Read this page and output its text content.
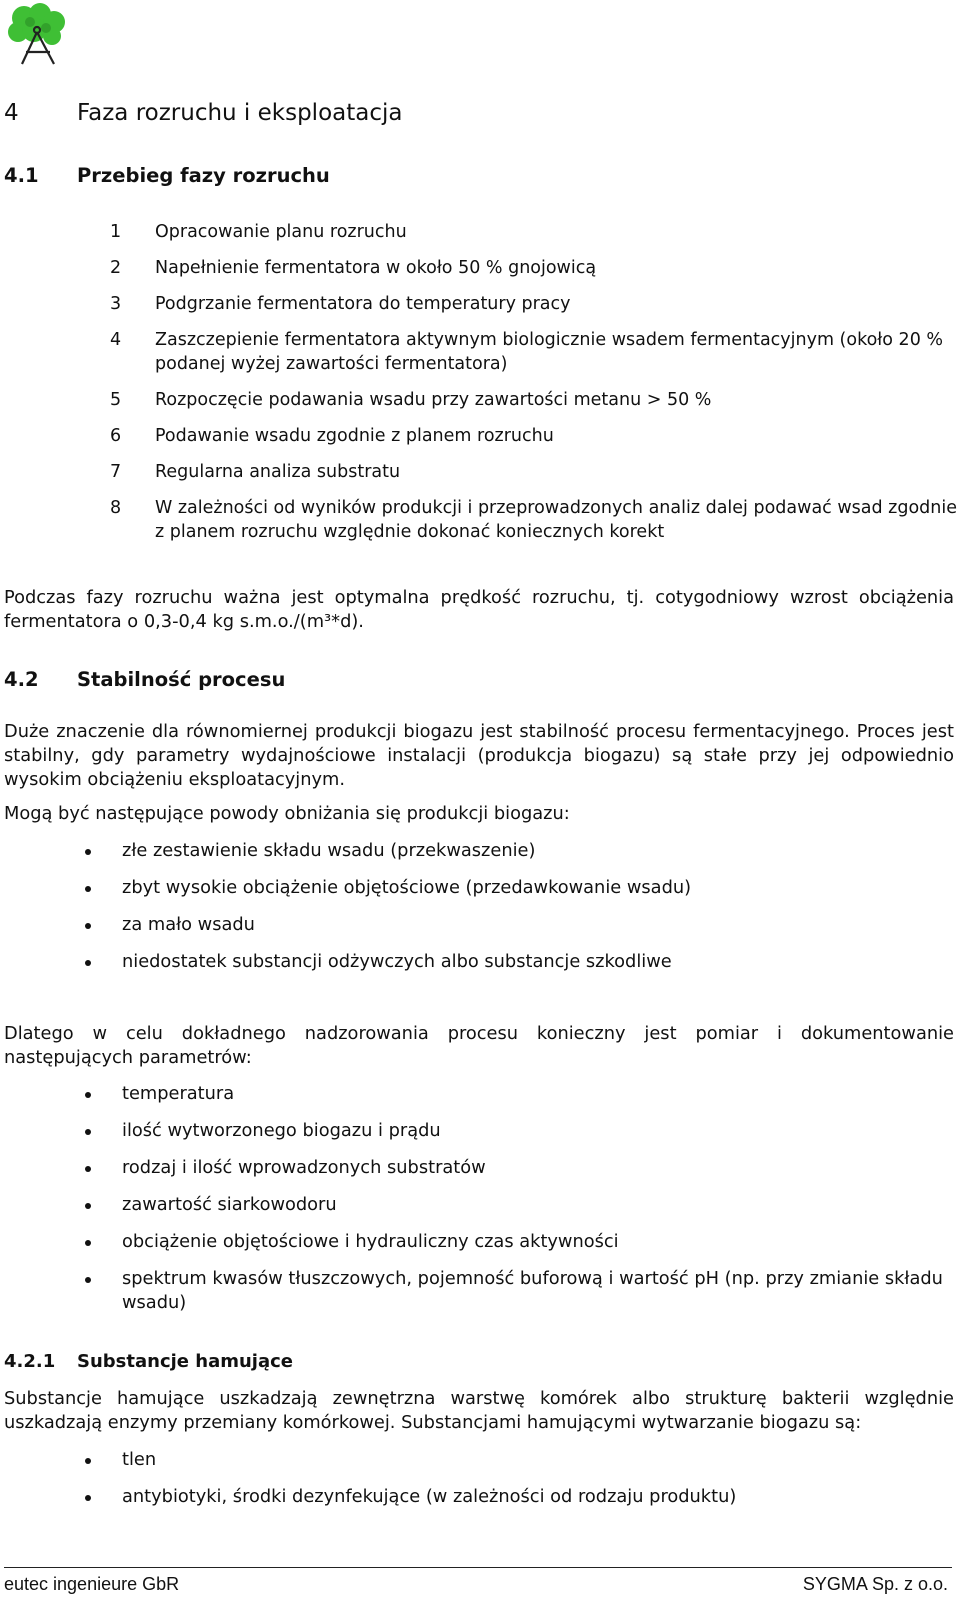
4	Faza rozruchu i eksploatacja
4.1 Przebieg fazy rozruchu
1 Opracowanie planu rozruchu
2 Napełnienie fermentatora w około 50 % gnojowicą
3 Podgrzanie fermentatora do temperatury pracy
4 Zaszczepienie fermentatora aktywnym biologicznie wsadem fermentacyjnym (około 20 % podanej wyżej zawartości fermentatora)
5 Rozpoczęcie podawania wsadu przy zawartości metanu > 50 %
6 Podawanie wsadu zgodnie z planem rozruchu
7 Regularna analiza substratu
8 W zależności od wyników produkcji i przeprowadzonych analiz dalej podawać wsad zgodnie z planem rozruchu względnie dokonać koniecznych korekt

Podczas fazy rozruchu ważna jest optymalna prędkość rozruchu, tj. cotygodniowy wzrost obciążenia fermentatora o 0,3-0,4 kg s.m.o./(m³*d).

4.2 Stabilność procesu

Duże znaczenie dla równomiernej produkcji biogazu jest stabilność procesu fermentacyjnego. Proces jest stabilny, gdy parametry wydajnościowe instalacji (produkcja biogazu) są stałe przy jej odpowiednio wysokim obciążeniu eksploatacyjnym.

Mogą być następujące powody obniżania się produkcji biogazu:

złe zestawienie składu wsadu (przekwaszenie)
zbyt wysokie obciążenie objętościowe (przedawkowanie wsadu)
za mało wsadu
niedostatek substancji odżywczych albo substancje szkodliwe

Dlatego w celu dokładnego nadzorowania procesu konieczny jest pomiar i dokumentowanie następujących parametrów:

temperatura
ilość wytworzonego biogazu i prądu
rodzaj i ilość wprowadzonych substratów
zawartość siarkowodoru
obciążenie objętościowe i hydrauliczny czas aktywności
spektrum kwasów tłuszczowych, pojemność buforową i wartość pH (np. przy zmianie składu wsadu)
4.2.1 Substancje hamujące

Substancje hamujące uszkadzają zewnętrzna warstwę komórek albo strukturę bakterii względnie uszkadzają enzymy przemiany komórkowej. Substancjami hamującymi wytwarzanie biogazu są:

tlen
antybiotyki, środki dezynfekujące (w zależności od rodzaju produktu)
eutec ingenieure GbR	SYGMA Sp. z o.o.
